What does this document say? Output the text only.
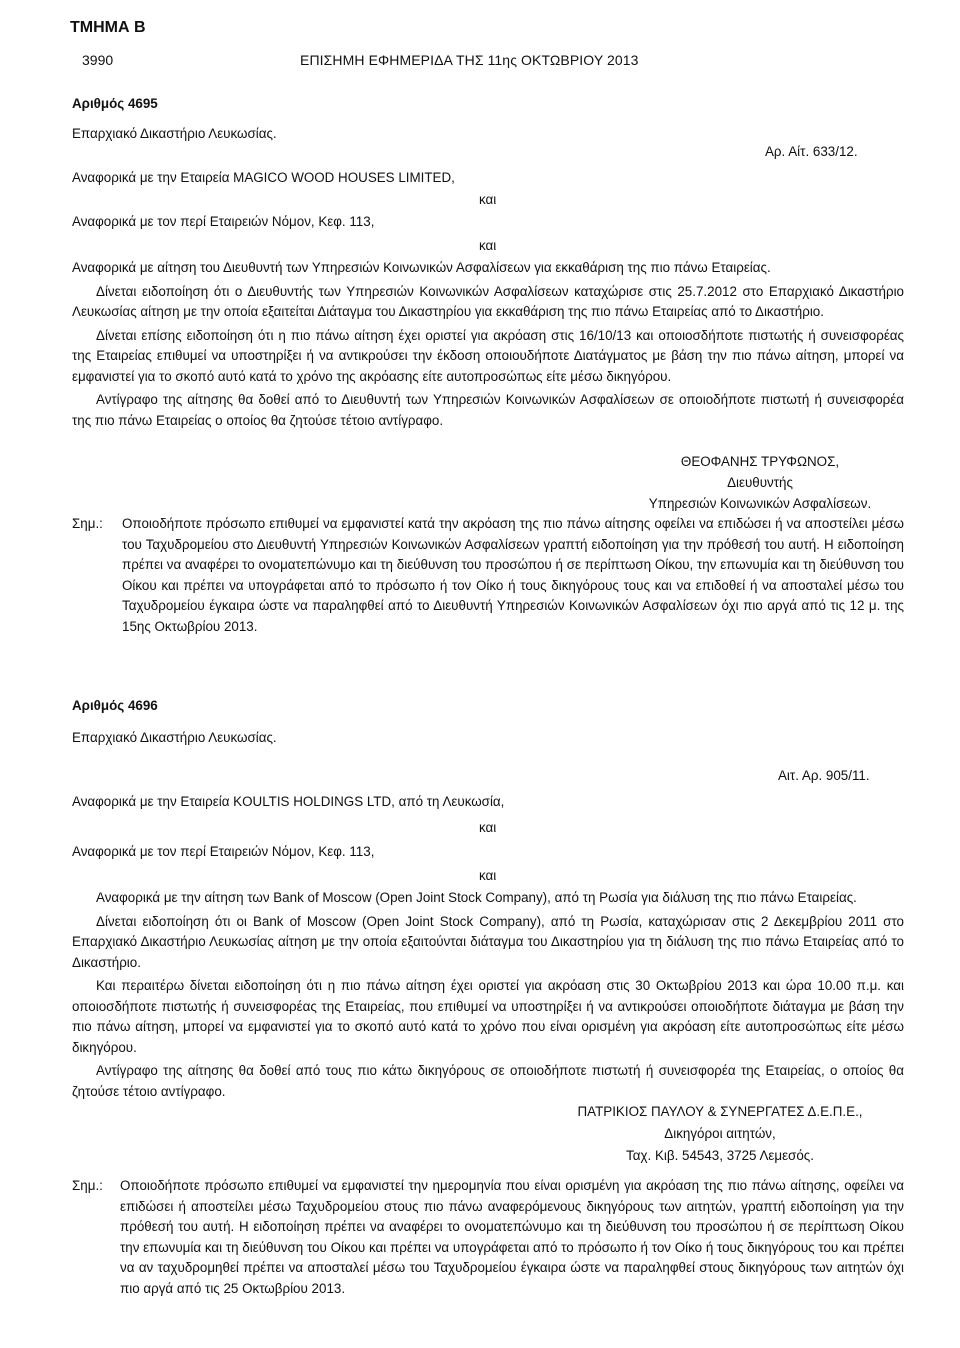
ΤΜΗΜΑ Β
3990	ΕΠΙΣΗΜΗ ΕΦΗΜΕΡΙΔΑ ΤΗΣ 11ης ΟΚΤΩΒΡΙΟΥ 2013
Αριθμός 4695
Επαρχιακό Δικαστήριο Λευκωσίας.
Αρ. Αίτ. 633/12.
Αναφορικά με την Εταιρεία MAGICO WOOD HOUSES LIMITED,
και
Αναφορικά με τον περί Εταιρειών Νόμον, Κεφ. 113,
και

Αναφορικά με αίτηση του Διευθυντή των Υπηρεσιών Κοινωνικών Ασφαλίσεων για εκκαθάριση της πιο πάνω Εταιρείας.

Δίνεται ειδοποίηση ότι ο Διευθυντής των Υπηρεσιών Κοινωνικών Ασφαλίσεων καταχώρισε στις 25.7.2012 στο Επαρχιακό Δικαστήριο Λευκωσίας αίτηση με την οποία εξαιτείται Διάταγμα του Δικαστηρίου για εκκαθάριση της πιο πάνω Εταιρείας από το Δικαστήριο.

Δίνεται επίσης ειδοποίηση ότι η πιο πάνω αίτηση έχει οριστεί για ακρόαση στις 16/10/13 και οποιοσδήποτε πιστωτής ή συνεισφορέας της Εταιρείας επιθυμεί να υποστηρίξει ή να αντικρούσει την έκδοση οποιουδήποτε Διατάγματος με βάση την πιο πάνω αίτηση, μπορεί να εμφανιστεί για το σκοπό αυτό κατά το χρόνο της ακρόασης είτε αυτοπροσώπως είτε μέσω δικηγόρου.

Αντίγραφο της αίτησης θα δοθεί από το Διευθυντή των Υπηρεσιών Κοινωνικών Ασφαλίσεων σε οποιοδήποτε πιστωτή ή συνεισφορέα της πιο πάνω Εταιρείας ο οποίος θα ζητούσε τέτοιο αντίγραφο.

ΘΕΟΦΑΝΗΣ ΤΡΥΦΩΝΟΣ,
Διευθυντής
Υπηρεσιών Κοινωνικών Ασφαλίσεων.
Σημ.: Οποιοδήποτε πρόσωπο επιθυμεί να εμφανιστεί κατά την ακρόαση της πιο πάνω αίτησης οφείλει να επιδώσει ή να αποστείλει μέσω του Ταχυδρομείου στο Διευθυντή Υπηρεσιών Κοινωνικών Ασφαλίσεων γραπτή ειδοποίηση για την πρόθεσή του αυτή. Η ειδοποίηση πρέπει να αναφέρει το ονοματεπώνυμο και τη διεύθυνση του προσώπου ή σε περίπτωση Οίκου, την επωνυμία και τη διεύθυνση του Οίκου και πρέπει να υπογράφεται από το πρόσωπο ή τον Οίκο ή τους δικηγόρους τους και να επιδοθεί ή να αποσταλεί μέσω του Ταχυδρομείου έγκαιρα ώστε να παραληφθεί από το Διευθυντή Υπηρεσιών Κοινωνικών Ασφαλίσεων όχι πιο αργά από τις 12 μ. της 15ης Οκτωβρίου 2013.
Αριθμός 4696
Επαρχιακό Δικαστήριο Λευκωσίας.
Αιτ. Αρ. 905/11.
Αναφορικά με την Εταιρεία KOULTIS HOLDINGS LTD, από τη Λευκωσία,
και
Αναφορικά με τον περί Εταιρειών Νόμον, Κεφ. 113,
και

Αναφορικά με την αίτηση των Bank of Moscow (Open Joint Stock Company), από τη Ρωσία για διάλυση της πιο πάνω Εταιρείας.

Δίνεται ειδοποίηση ότι οι Bank of Moscow (Open Joint Stock Company), από τη Ρωσία, καταχώρισαν στις 2 Δεκεμβρίου 2011 στο Επαρχιακό Δικαστήριο Λευκωσίας αίτηση με την οποία εξαιτούνται διάταγμα του Δικαστηρίου για τη διάλυση της πιο πάνω Εταιρείας από το Δικαστήριο.

Και περαιτέρω δίνεται ειδοποίηση ότι η πιο πάνω αίτηση έχει οριστεί για ακρόαση στις 30 Οκτωβρίου 2013 και ώρα 10.00 π.μ. και οποιοσδήποτε πιστωτής ή συνεισφορέας της Εταιρείας, που επιθυμεί να υποστηρίξει ή να αντικρούσει οποιοδήποτε διάταγμα με βάση την πιο πάνω αίτηση, μπορεί να εμφανιστεί για το σκοπό αυτό κατά το χρόνο που είναι ορισμένη για ακρόαση είτε αυτοπροσώπως είτε μέσω δικηγόρου.

Αντίγραφο της αίτησης θα δοθεί από τους πιο κάτω δικηγόρους σε οποιοδήποτε πιστωτή ή συνεισφορέα της Εταιρείας, ο οποίος θα ζητούσε τέτοιο αντίγραφο.

ΠΑΤΡΙΚΙΟΣ ΠΑΥΛΟΥ & ΣΥΝΕΡΓΑΤΕΣ Δ.Ε.Π.Ε.,
Δικηγόροι αιτητών,
Ταχ. Κιβ. 54543, 3725 Λεμεσός.
Σημ.: Οποιοδήποτε πρόσωπο επιθυμεί να εμφανιστεί την ημερομηνία που είναι ορισμένη για ακρόαση της πιο πάνω αίτησης, οφείλει να επιδώσει ή αποστείλει μέσω Ταχυδρομείου στους πιο πάνω αναφερόμενους δικηγόρους των αιτητών, γραπτή ειδοποίηση για την πρόθεσή του αυτή. Η ειδοποίηση πρέπει να αναφέρει το ονοματεπώνυμο και τη διεύθυνση του προσώπου ή σε περίπτωση Οίκου την επωνυμία και τη διεύθυνση του Οίκου και πρέπει να υπογράφεται από το πρόσωπο ή τον Οίκο ή τους δικηγόρους του και πρέπει να αν ταχυδρομηθεί πρέπει να αποσταλεί μέσω του Ταχυδρομείου έγκαιρα ώστε να παραληφθεί στους δικηγόρους των αιτητών όχι πιο αργά από τις 25 Οκτωβρίου 2013.
